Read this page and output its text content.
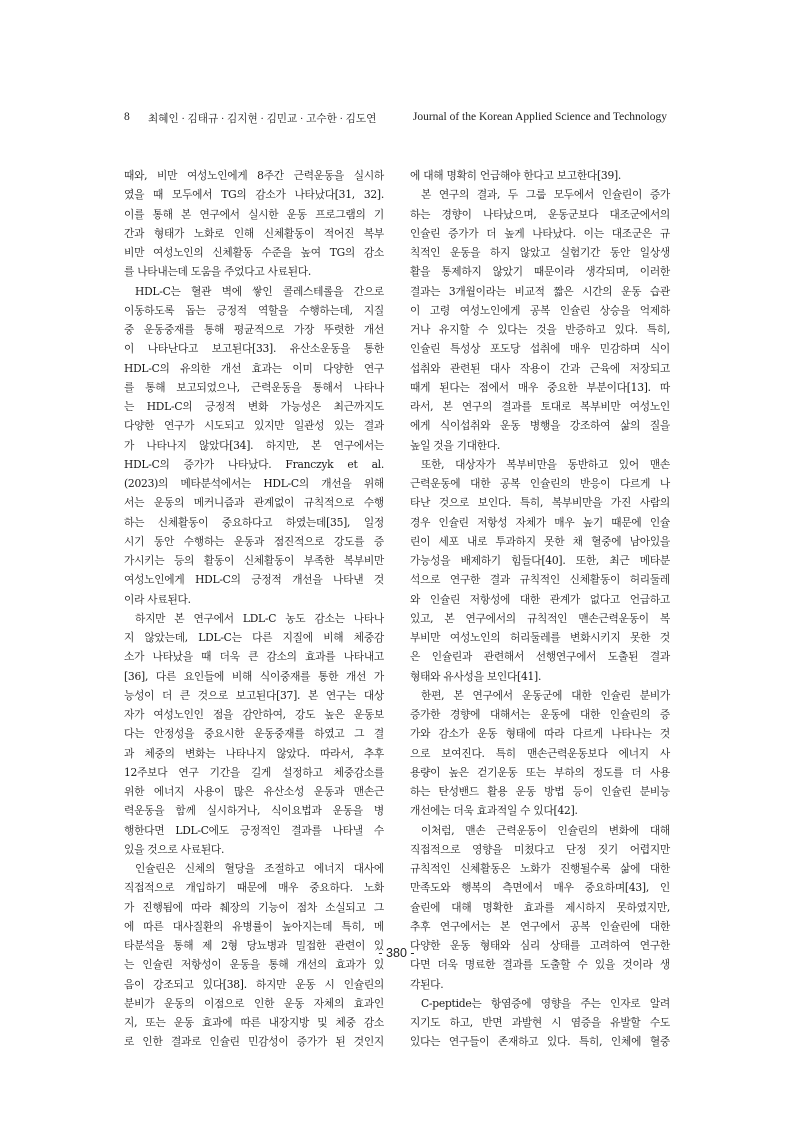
8 최혜인 · 김태규 · 김지현 · 김민교 · 고수한 · 김도연	Journal of the Korean Applied Science and Technology
때와, 비만 여성노인에게 8주간 근력운동을 실시하
였을 때 모두에서 TG의 감소가 나타났다[31, 32].
이를 통해 본 연구에서 실시한 운동 프로그램의 기
간과 형태가 노화로 인해 신체활동이 적어진 복부
비만 여성노인의 신체활동 수준을 높여 TG의 감소
를 나타내는데 도움을 주었다고 사료된다.
HDL-C는 혈관 벽에 쌓인 콜레스테롤을 간으로
이동하도록 돕는 긍정적 역할을 수행하는데, 지질
중 운동중재를 통해 평균적으로 가장 뚜렷한 개선
이 나타난다고 보고된다[33]. 유산소운동을 통한
HDL-C의 유의한 개선 효과는 이미 다양한 연구
를 통해 보고되었으나, 근력운동을 통해서 나타나
는 HDL-C의 긍정적 변화 가능성은 최근까지도
다양한 연구가 시도되고 있지만 일관성 있는 결과
가 나타나지 않았다[34]. 하지만, 본 연구에서는
HDL-C의 증가가 나타났다. Franczyk et al.
(2023)의 메타분석에서는 HDL-C의 개선을 위해
서는 운동의 메커니즘과 관계없이 규칙적으로 수행
하는 신체활동이 중요하다고 하였는데[35], 일정
시기 동안 수행하는 운동과 점진적으로 강도를 증
가시키는 등의 활동이 신체활동이 부족한 복부비만
여성노인에게 HDL-C의 긍정적 개선을 나타낸 것
이라 사료된다.
하지만 본 연구에서 LDL-C 농도 감소는 나타나
지 않았는데, LDL-C는 다른 지질에 비해 체중감
소가 나타났을 때 더욱 큰 감소의 효과를 나타내고
[36], 다른 요인들에 비해 식이중재를 통한 개선 가
능성이 더 큰 것으로 보고된다[37]. 본 연구는 대상
자가 여성노인인 점을 감안하여, 강도 높은 운동보
다는 안정성을 중요시한 운동중재를 하였고 그 결
과 체중의 변화는 나타나지 않았다. 따라서, 추후
12주보다 연구 기간을 길게 설정하고 체중감소를
위한 에너지 사용이 많은 유산소성 운동과 맨손근
력운동을 함께 실시하거나, 식이요법과 운동을 병
행한다면 LDL-C에도 긍정적인 결과를 나타낼 수
있을 것으로 사료된다.
인슐린은 신체의 혈당을 조절하고 에너지 대사에
직접적으로 개입하기 때문에 매우 중요하다. 노화
가 진행됨에 따라 췌장의 기능이 점차 소실되고 그
에 따른 대사질환의 유병률이 높아지는데 특히, 메
타분석을 통해 제 2형 당뇨병과 밀접한 관련이 있
는 인슐린 저항성이 운동을 통해 개선의 효과가 있
음이 강조되고 있다[38]. 하지만 운동 시 인슐린의
분비가 운동의 이점으로 인한 운동 자체의 효과인
지, 또는 운동 효과에 따른 내장지방 및 체중 감소
로 인한 결과로 인슐린 민감성이 증가가 된 것인지
에 대해 명확히 언급해야 한다고 보고한다[39].
본 연구의 결과, 두 그룹 모두에서 인슐린이 증가
하는 경향이 나타났으며, 운동군보다 대조군에서의
인슐린 증가가 더 높게 나타났다. 이는 대조군은 규
칙적인 운동을 하지 않았고 실험기간 동안 일상생
활을 통제하지 않았기 때문이라 생각되며, 이러한
결과는 3개월이라는 비교적 짧은 시간의 운동 습관
이 고령 여성노인에게 공복 인슐린 상승을 억제하
거나 유지할 수 있다는 것을 반증하고 있다. 특히,
인슐린 특성상 포도당 섭취에 매우 민감하며 식이
섭취와 관련된 대사 작용이 간과 근육에 저장되고
때게 된다는 점에서 매우 중요한 부분이다[13]. 따
라서, 본 연구의 결과를 토대로 복부비만 여성노인
에게 식이섭취와 운동 병행을 강조하여 삶의 질을
높일 것을 기대한다.
또한, 대상자가 복부비만을 동반하고 있어 맨손
근력운동에 대한 공복 인슐린의 반응이 다르게 나
타난 것으로 보인다. 특히, 복부비만을 가진 사람의
경우 인슐린 저항성 자체가 매우 높기 때문에 인슐
린이 세포 내로 투과하지 못한 채 혈중에 남아있을
가능성을 배제하기 힘들다[40]. 또한, 최근 메타분
석으로 연구한 결과 규칙적인 신체활동이 허리둘레
와 인슐린 저항성에 대한 관계가 없다고 언급하고
있고, 본 연구에서의 규칙적인 맨손근력운동이 복
부비만 여성노인의 허리둘레를 변화시키지 못한 것
은 인슐린과 관련해서 선행연구에서 도출된 결과
형태와 유사성을 보인다[41].
한편, 본 연구에서 운동군에 대한 인슐린 분비가
증가한 경향에 대해서는 운동에 대한 인슐린의 증
가와 감소가 운동 형태에 따라 다르게 나타나는 것
으로 보여진다. 특히 맨손근력운동보다 에너지 사
용량이 높은 걷기운동 또는 부하의 정도를 더 사용
하는 탄성밴드 활용 운동 방법 등이 인슐린 분비능
개선에는 더욱 효과적일 수 있다[42].
이처럼, 맨손 근력운동이 인슐린의 변화에 대해
직접적으로 영향을 미쳤다고 단정 짓기 어렵지만
규칙적인 신체활동은 노화가 진행될수록 삶에 대한
만족도와 행복의 측면에서 매우 중요하며[43], 인
슐린에 대해 명확한 효과를 제시하지 못하였지만,
추후 연구에서는 본 연구에서 공복 인슐린에 대한
다양한 운동 형태와 심리 상태를 고려하여 연구한
다면 더욱 명료한 결과를 도출할 수 있을 것이라 생
각된다.
C-peptide는 항염증에 영향을 주는 인자로 알려
지기도 하고, 반면 과발현 시 염증을 유발할 수도
있다는 연구들이 존재하고 있다. 특히, 인체에 혈중
- 380 -
